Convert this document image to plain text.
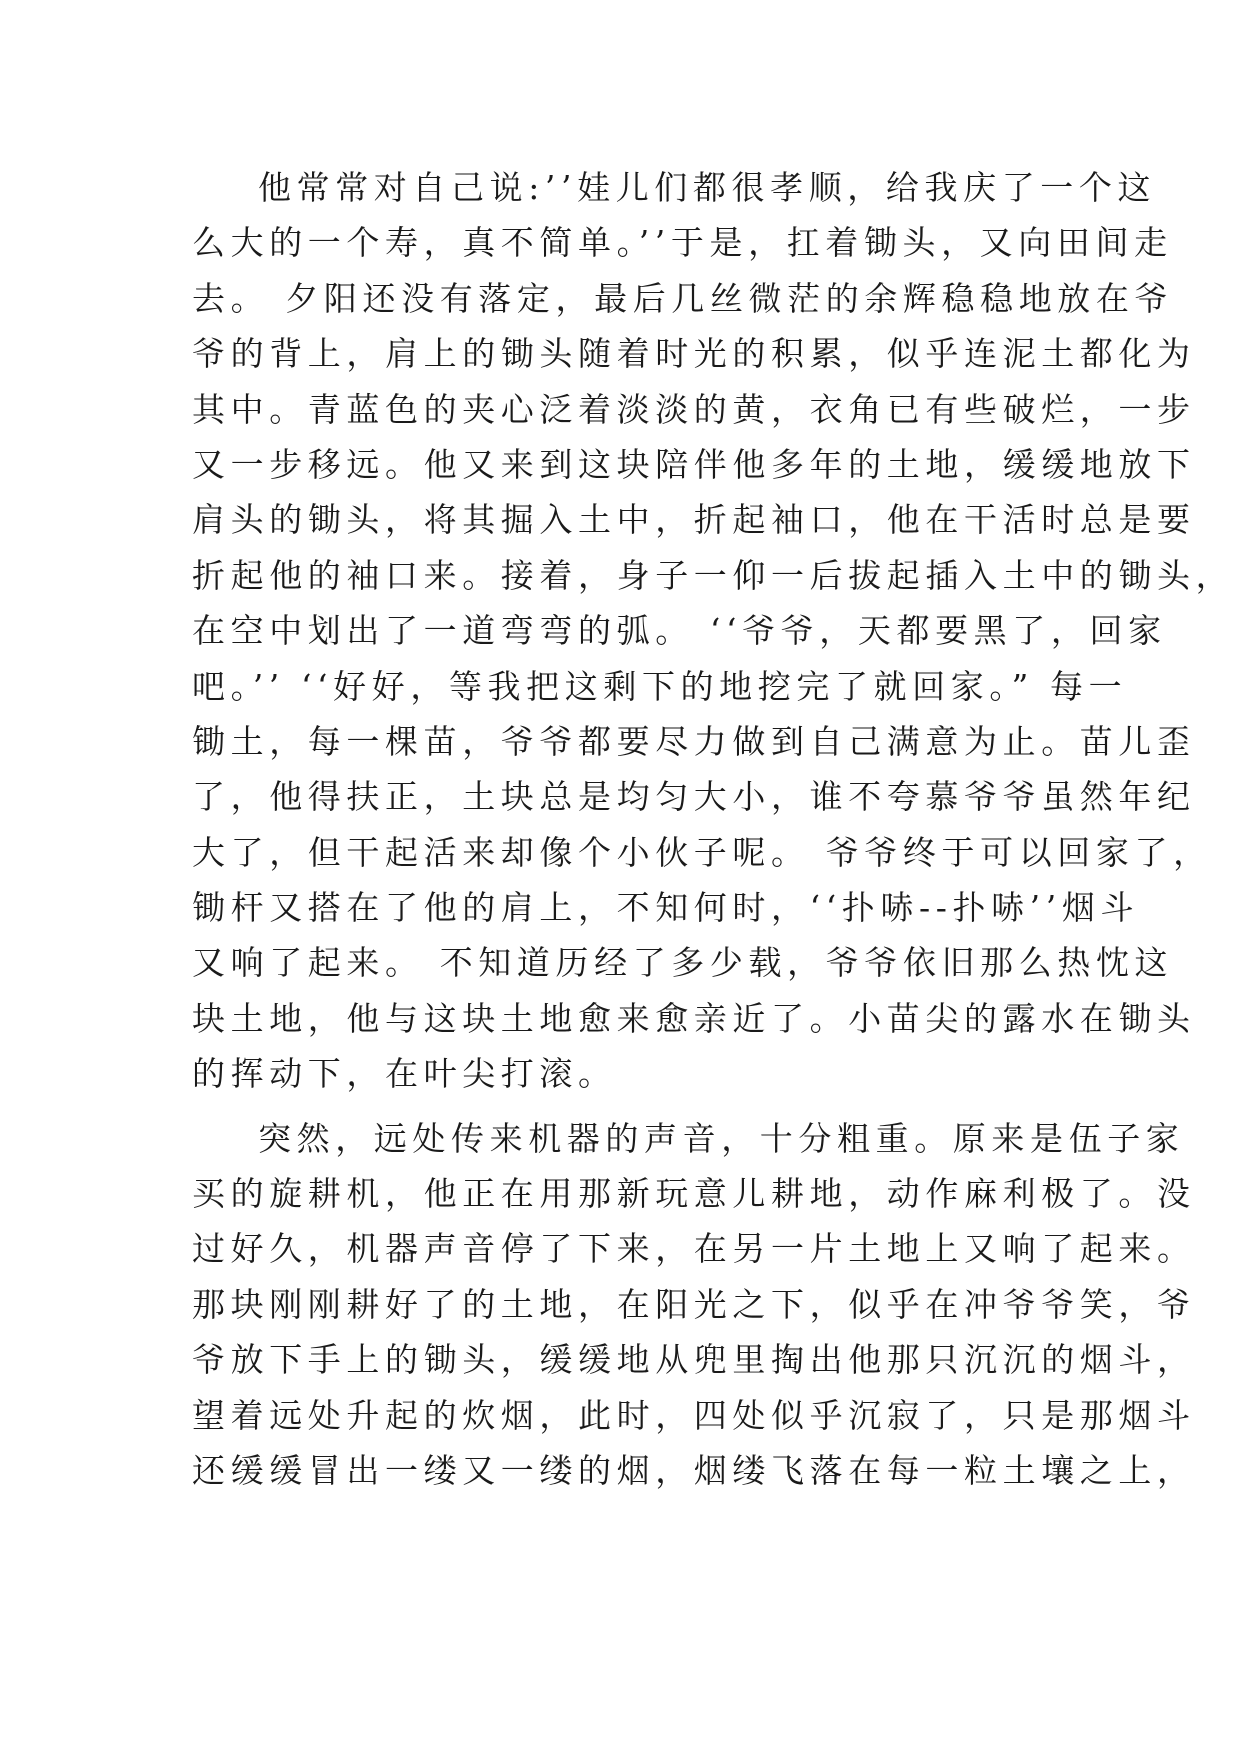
他常常对自己说:’’娃儿们都很孝顺，给我庆了一个这
么大的一个寿，真不简单。’’于是，扛着锄头，又向田间走
去。 夕阳还没有落定，最后几丝微茫的余辉稳稳地放在爷
爷的背上，肩上的锄头随着时光的积累，似乎连泥土都化为
其中。青蓝色的夹心泛着淡淡的黄，衣角已有些破烂，一步
又一步移远。他又来到这块陪伴他多年的土地，缓缓地放下
肩头的锄头，将其掘入土中，折起袖口，他在干活时总是要
折起他的袖口来。接着，身子一仰一后拔起插入土中的锄头，
在空中划出了一道弯弯的弧。 ‘‘爷爷，天都要黑了，回家
吧。’’ ‘‘好好，等我把这剩下的地挖完了就回家。” 每一
锄土，每一棵苗，爷爷都要尽力做到自己满意为止。苗儿歪
了，他得扶正，土块总是均匀大小，谁不夸慕爷爷虽然年纪
大了，但干起活来却像个小伙子呢。 爷爷终于可以回家了，
锄杆又搭在了他的肩上，不知何时，‘‘扑哧--扑哧’’烟斗
又响了起来。 不知道历经了多少载，爷爷依旧那么热忱这
块土地，他与这块土地愈来愈亲近了。小苗尖的露水在锄头
的挥动下，在叶尖打滚。
突然，远处传来机器的声音，十分粗重。原来是伍子家
买的旋耕机，他正在用那新玩意儿耕地，动作麻利极了。没
过好久，机器声音停了下来，在另一片土地上又响了起来。
那块刚刚耕好了的土地，在阳光之下，似乎在冲爷爷笑，爷
爷放下手上的锄头，缓缓地从兜里掏出他那只沉沉的烟斗，
望着远处升起的炊烟，此时，四处似乎沉寂了，只是那烟斗
还缓缓冒出一缕又一缕的烟，烟缕飞落在每一粒土壤之上，
